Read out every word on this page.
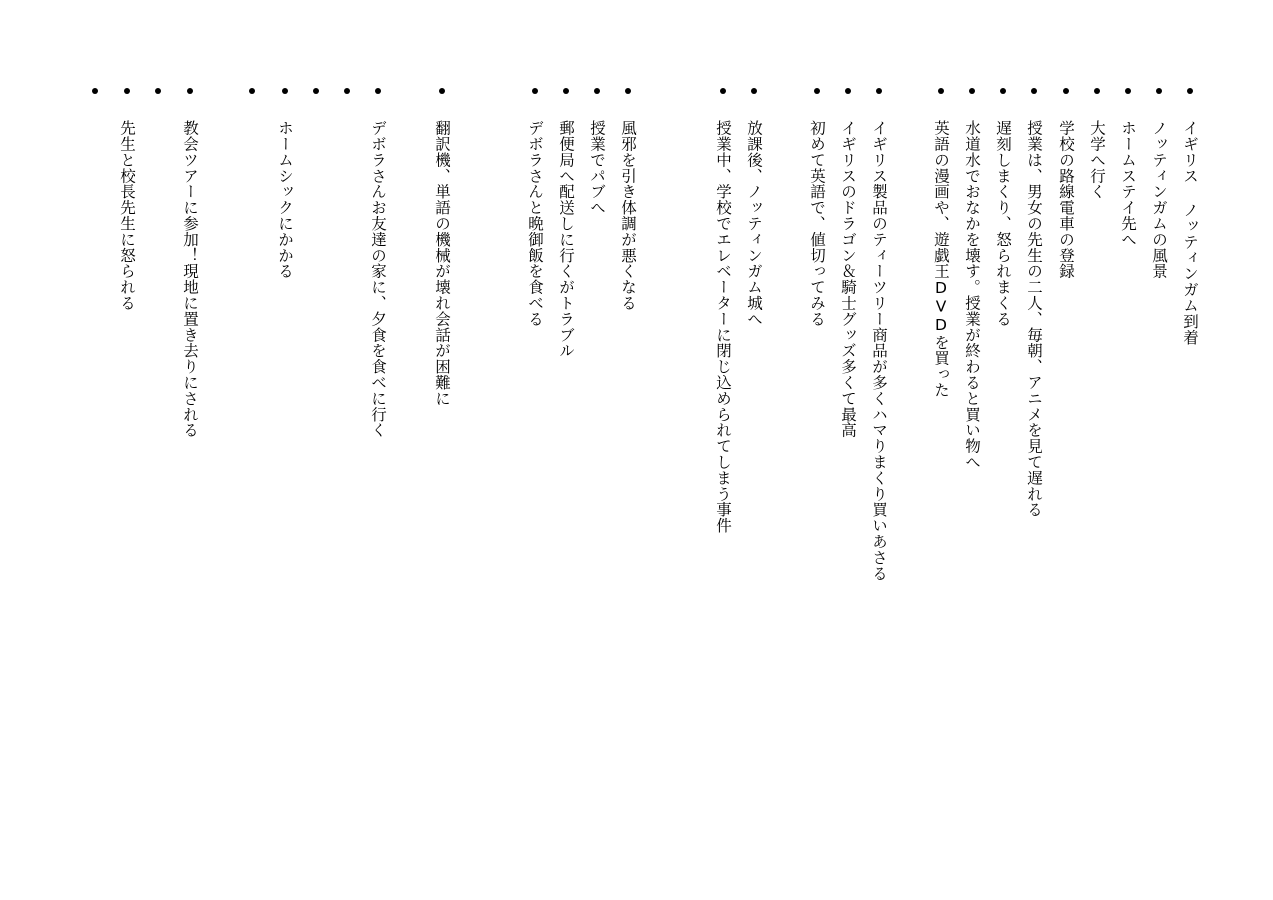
イギリス ノッティンガム到着
ノッティンガムの風景
ホームステイ先へ
大学へ行く
学校の路線電車の登録
授業は、男女の先生の二人、毎朝、アニメを見て遅れる
遅刻しまくり、怒られまくる
水道水でおなかを壊す。授業が終わると買い物へ
英語の漫画や、遊戯王DVDを買った
イギリス製品のティーツリー商品が多くハマりまくり買いあさる
イギリスのドラゴン＆騎士グッズ多くて最高
初めて英語で、値切ってみる
放課後、ノッティンガム城へ
授業中、学校でエレベーターに閉じ込められてしまう事件
風邪を引き体調が悪くなる
授業でパブへ
郵便局へ配送しに行くがトラブル
デボラさんと晩御飯を食べる
翻訳機、単語の機械が壊れ会話が困難に
デボラさんお友達の家に、夕食を食べに行く
ホームシックにかかる
教会ツアーに参加！現地に置き去りにされる
先生と校長先生に怒られる
